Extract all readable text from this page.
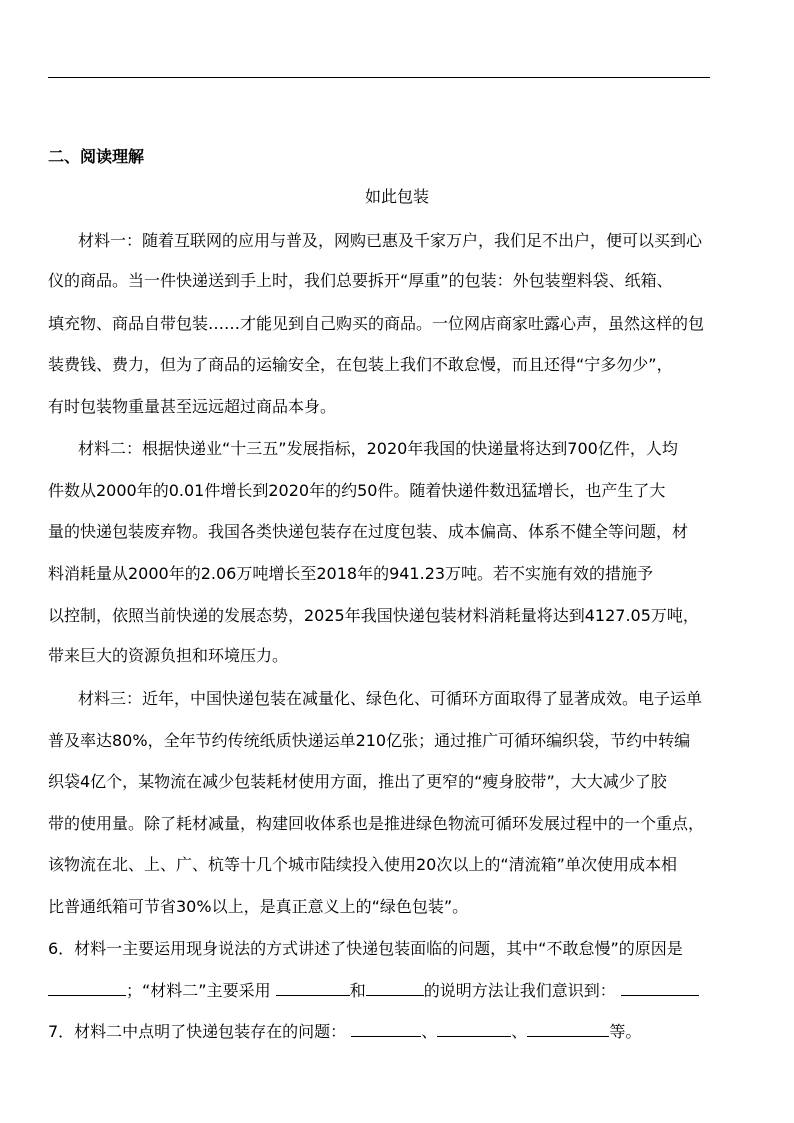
二、阅读理解
如此包装
材料一：随着互联网的应用与普及，网购已惠及千家万户，我们足不出户，便可以买到心
仪的商品。当一件快递送到手上时，我们总要拆开“厚重”的包装：外包装塑料袋、纸箱、
填充物、商品自带包装……才能见到自己购买的商品。一位网店商家吐露心声，虽然这样的包
装费钱、费力，但为了商品的运输安全，在包装上我们不敢怠慢，而且还得“宁多勿少”，
有时包装物重量甚至远远超过商品本身。
材料二：根据快递业“十三五”发展指标，2020年我国的快递量将达到700亿件，人均
件数从2000年的0.01件增长到2020年的约50件。随着快递件数迅猛增长，也产生了大
量的快递包装废弃物。我国各类快递包装存在过度包装、成本偏高、体系不健全等问题，材
料消耗量从2000年的2.06万吨增长至2018年的941.23万吨。若不实施有效的措施予
以控制，依照当前快递的发展态势，2025年我国快递包装材料消耗量将达到4127.05万吨，
带来巨大的资源负担和环境压力。
材料三：近年，中国快递包装在减量化、绿色化、可循环方面取得了显著成效。电子运单
普及率达80%，全年节约传统纸质快递运单210亿张；通过推广可循环编织袋，节约中转编
织袋4亿个，某物流在减少包装耗材使用方面，推出了更窄的“瘦身胶带”，大大减少了胶
带的使用量。除了耗材减量，构建回收体系也是推进绿色物流可循环发展过程中的一个重点，
该物流在北、上、广、杭等十几个城市陆续投入使用20次以上的“清流箱”单次使用成本相
比普通纸箱可节省30%以上，是真正意义上的“绿色包装”。
6．材料一主要运用现身说法的方式讲述了快递包装面临的问题，其中“不敢怠慢”的原因是
；“材料二”主要采用	和	的说明方法让我们意识到：
7．材料二中点明了快递包装存在的问题：	、	、	等。
